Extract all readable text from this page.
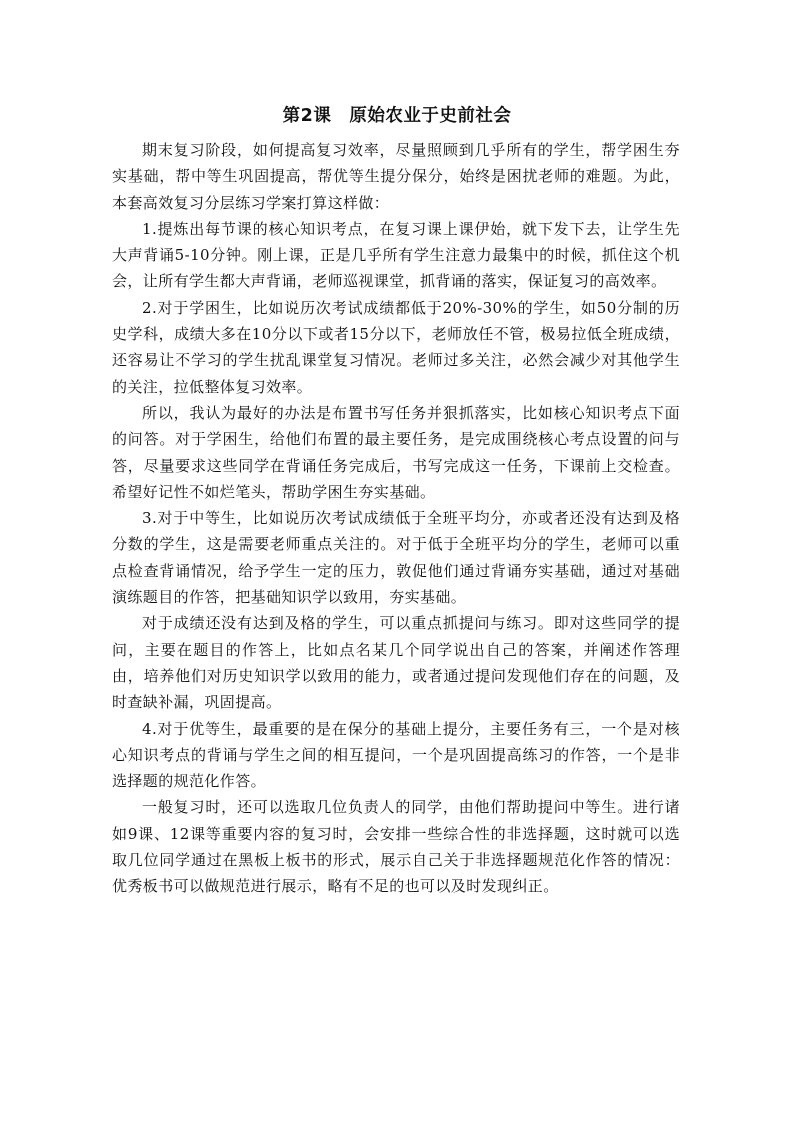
第2课　原始农业于史前社会

期末复习阶段，如何提高复习效率，尽量照顾到几乎所有的学生，帮学困生夯实基础，帮中等生巩固提高，帮优等生提分保分，始终是困扰老师的难题。为此，本套高效复习分层练习学案打算这样做：

1.提炼出每节课的核心知识考点，在复习课上课伊始，就下发下去，让学生先大声背诵5-10分钟。刚上课，正是几乎所有学生注意力最集中的时候，抓住这个机会，让所有学生都大声背诵，老师巡视课堂，抓背诵的落实，保证复习的高效率。

2.对于学困生，比如说历次考试成绩都低于20%-30%的学生，如50分制的历史学科，成绩大多在10分以下或者15分以下，老师放任不管，极易拉低全班成绩，还容易让不学习的学生扰乱课堂复习情况。老师过多关注，必然会减少对其他学生的关注，拉低整体复习效率。

所以，我认为最好的办法是布置书写任务并狠抓落实，比如核心知识考点下面的问答。对于学困生，给他们布置的最主要任务，是完成围绕核心考点设置的问与答，尽量要求这些同学在背诵任务完成后，书写完成这一任务，下课前上交检查。希望好记性不如烂笔头，帮助学困生夯实基础。

3.对于中等生，比如说历次考试成绩低于全班平均分，亦或者还没有达到及格分数的学生，这是需要老师重点关注的。对于低于全班平均分的学生，老师可以重点检查背诵情况，给予学生一定的压力，敦促他们通过背诵夯实基础，通过对基础演练题目的作答，把基础知识学以致用，夯实基础。

对于成绩还没有达到及格的学生，可以重点抓提问与练习。即对这些同学的提问，主要在题目的作答上，比如点名某几个同学说出自己的答案，并阐述作答理由，培养他们对历史知识学以致用的能力，或者通过提问发现他们存在的问题，及时查缺补漏，巩固提高。

4.对于优等生，最重要的是在保分的基础上提分，主要任务有三，一个是对核心知识考点的背诵与学生之间的相互提问，一个是巩固提高练习的作答，一个是非选择题的规范化作答。

一般复习时，还可以选取几位负责人的同学，由他们帮助提问中等生。进行诸如9课、12课等重要内容的复习时，会安排一些综合性的非选择题，这时就可以选取几位同学通过在黑板上板书的形式，展示自己关于非选择题规范化作答的情况：优秀板书可以做规范进行展示，略有不足的也可以及时发现纠正。
